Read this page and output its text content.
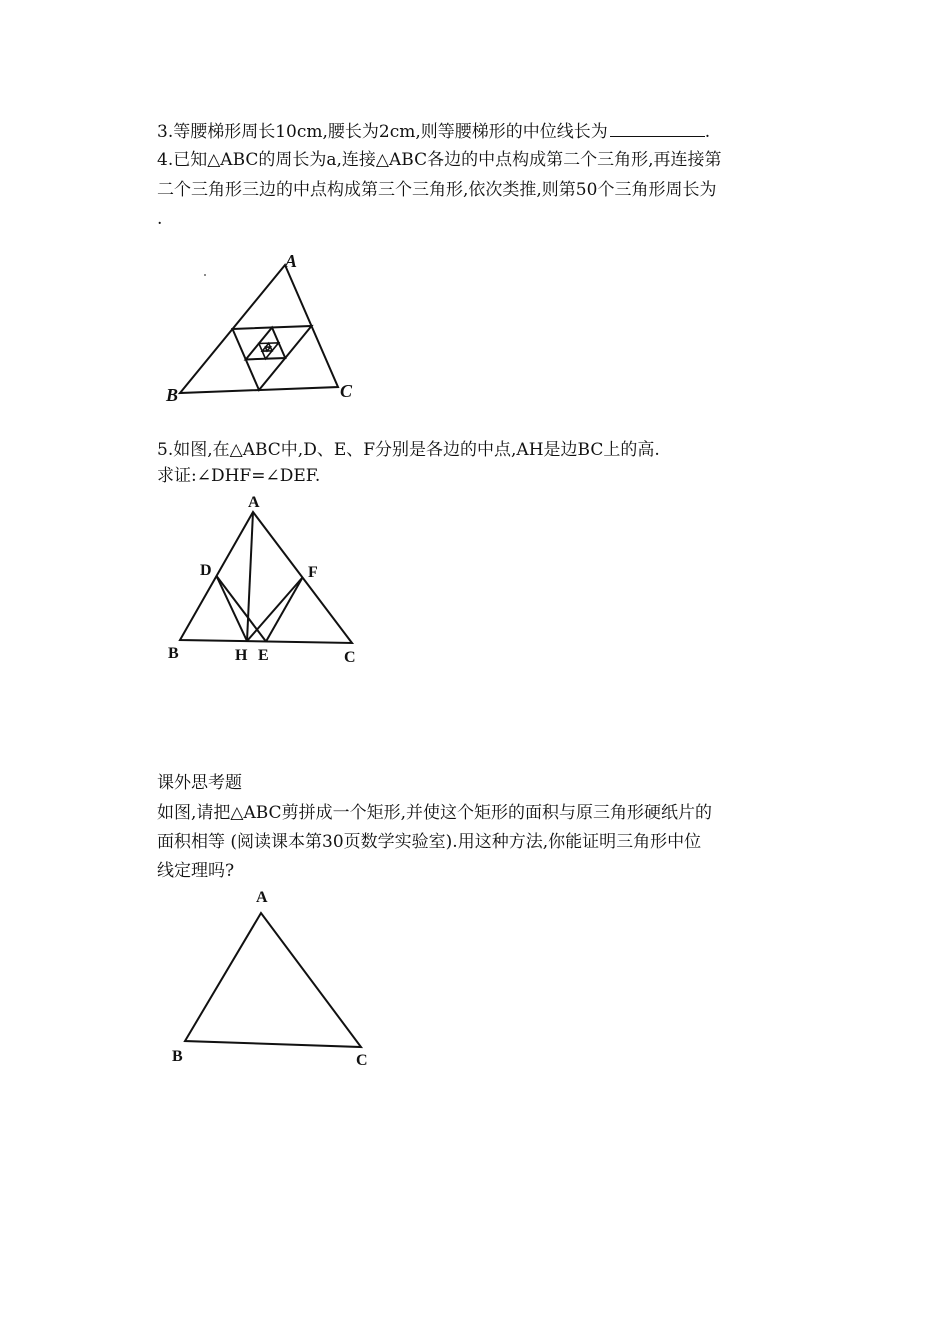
3.等腰梯形周长10cm,腰长为2cm,则等腰梯形的中位线长为	.
4.已知△ABC的周长为a,连接△ABC各边的中点构成第二个三角形,再连接第
二个三角形三边的中点构成第三个三角形,依次类推,则第50个三角形周长为
.
A
B	C
5.如图,在△ABC中,D、E、F分别是各边的中点,AH是边BC上的高.
求证:∠DHF=∠DEF.
A
B	C
D	F
H E
课外思考题
如图,请把△ABC剪拼成一个矩形,并使这个矩形的面积与原三角形硬纸片的
面积相等 (阅读课本第30页数学实验室).用这种方法,你能证明三角形中位
线定理吗?
A
B	C
